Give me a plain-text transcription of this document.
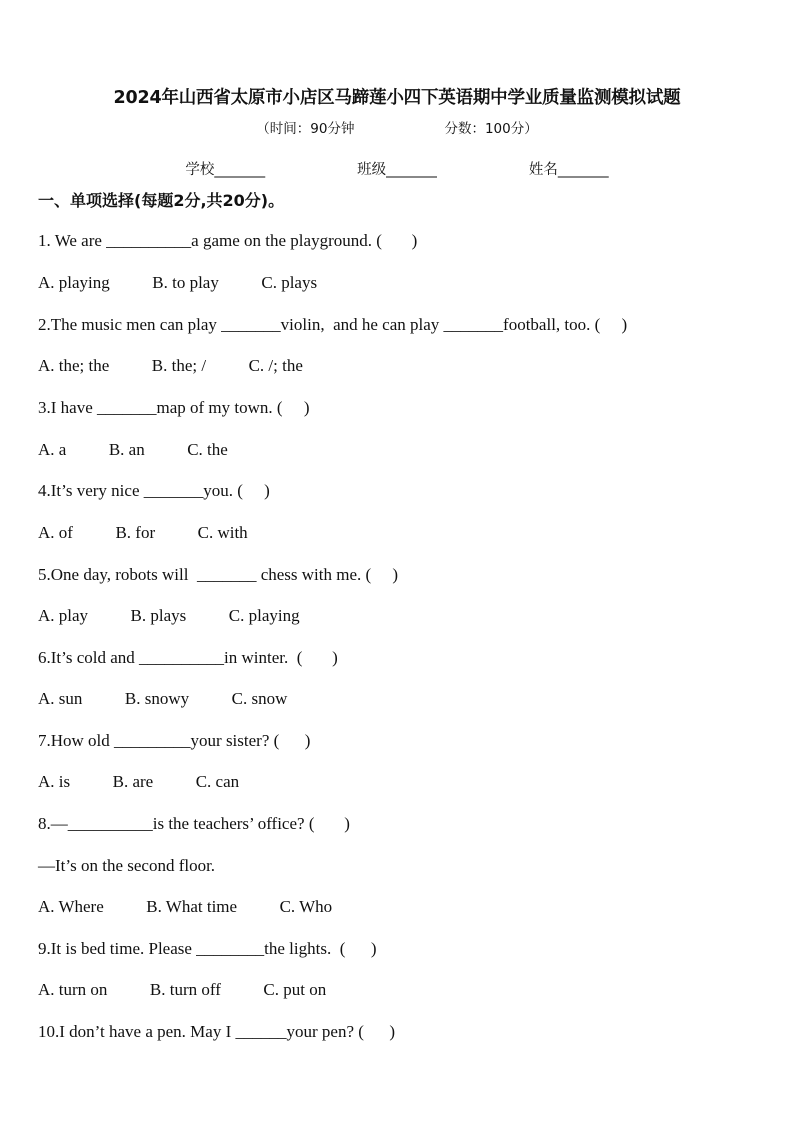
2024年山西省太原市小店区马蹄莲小四下英语期中学业质量监测模拟试题
（时间：90分钟	分数：100分）
学校_______	班级_______	姓名_______
一、单项选择(每题2分,共20分)。
1. We are __________a game on the playground. (       )
A. playing          B. to play          C. plays
2.The music men can play _______violin,  and he can play _______football, too. (     )
A. the; the          B. the; /          C. /; the
3.I have _______map of my town. (     )
A. a          B. an          C. the
4.It’s very nice _______you. (     )
A. of          B. for          C. with
5.One day, robots will  _______ chess with me. (     )
A. play          B. plays          C. playing
6.It’s cold and __________in winter.  (       )
A. sun          B. snowy          C. snow
7.How old _________your sister? (      )
A. is          B. are          C. can
8.—__________is the teachers’ office? (       )
—It’s on the second floor.
A. Where          B. What time          C. Who
9.It is bed time. Please ________the lights.  (      )
A. turn on          B. turn off          C. put on
10.I don’t have a pen. May I ______your pen? (      )
